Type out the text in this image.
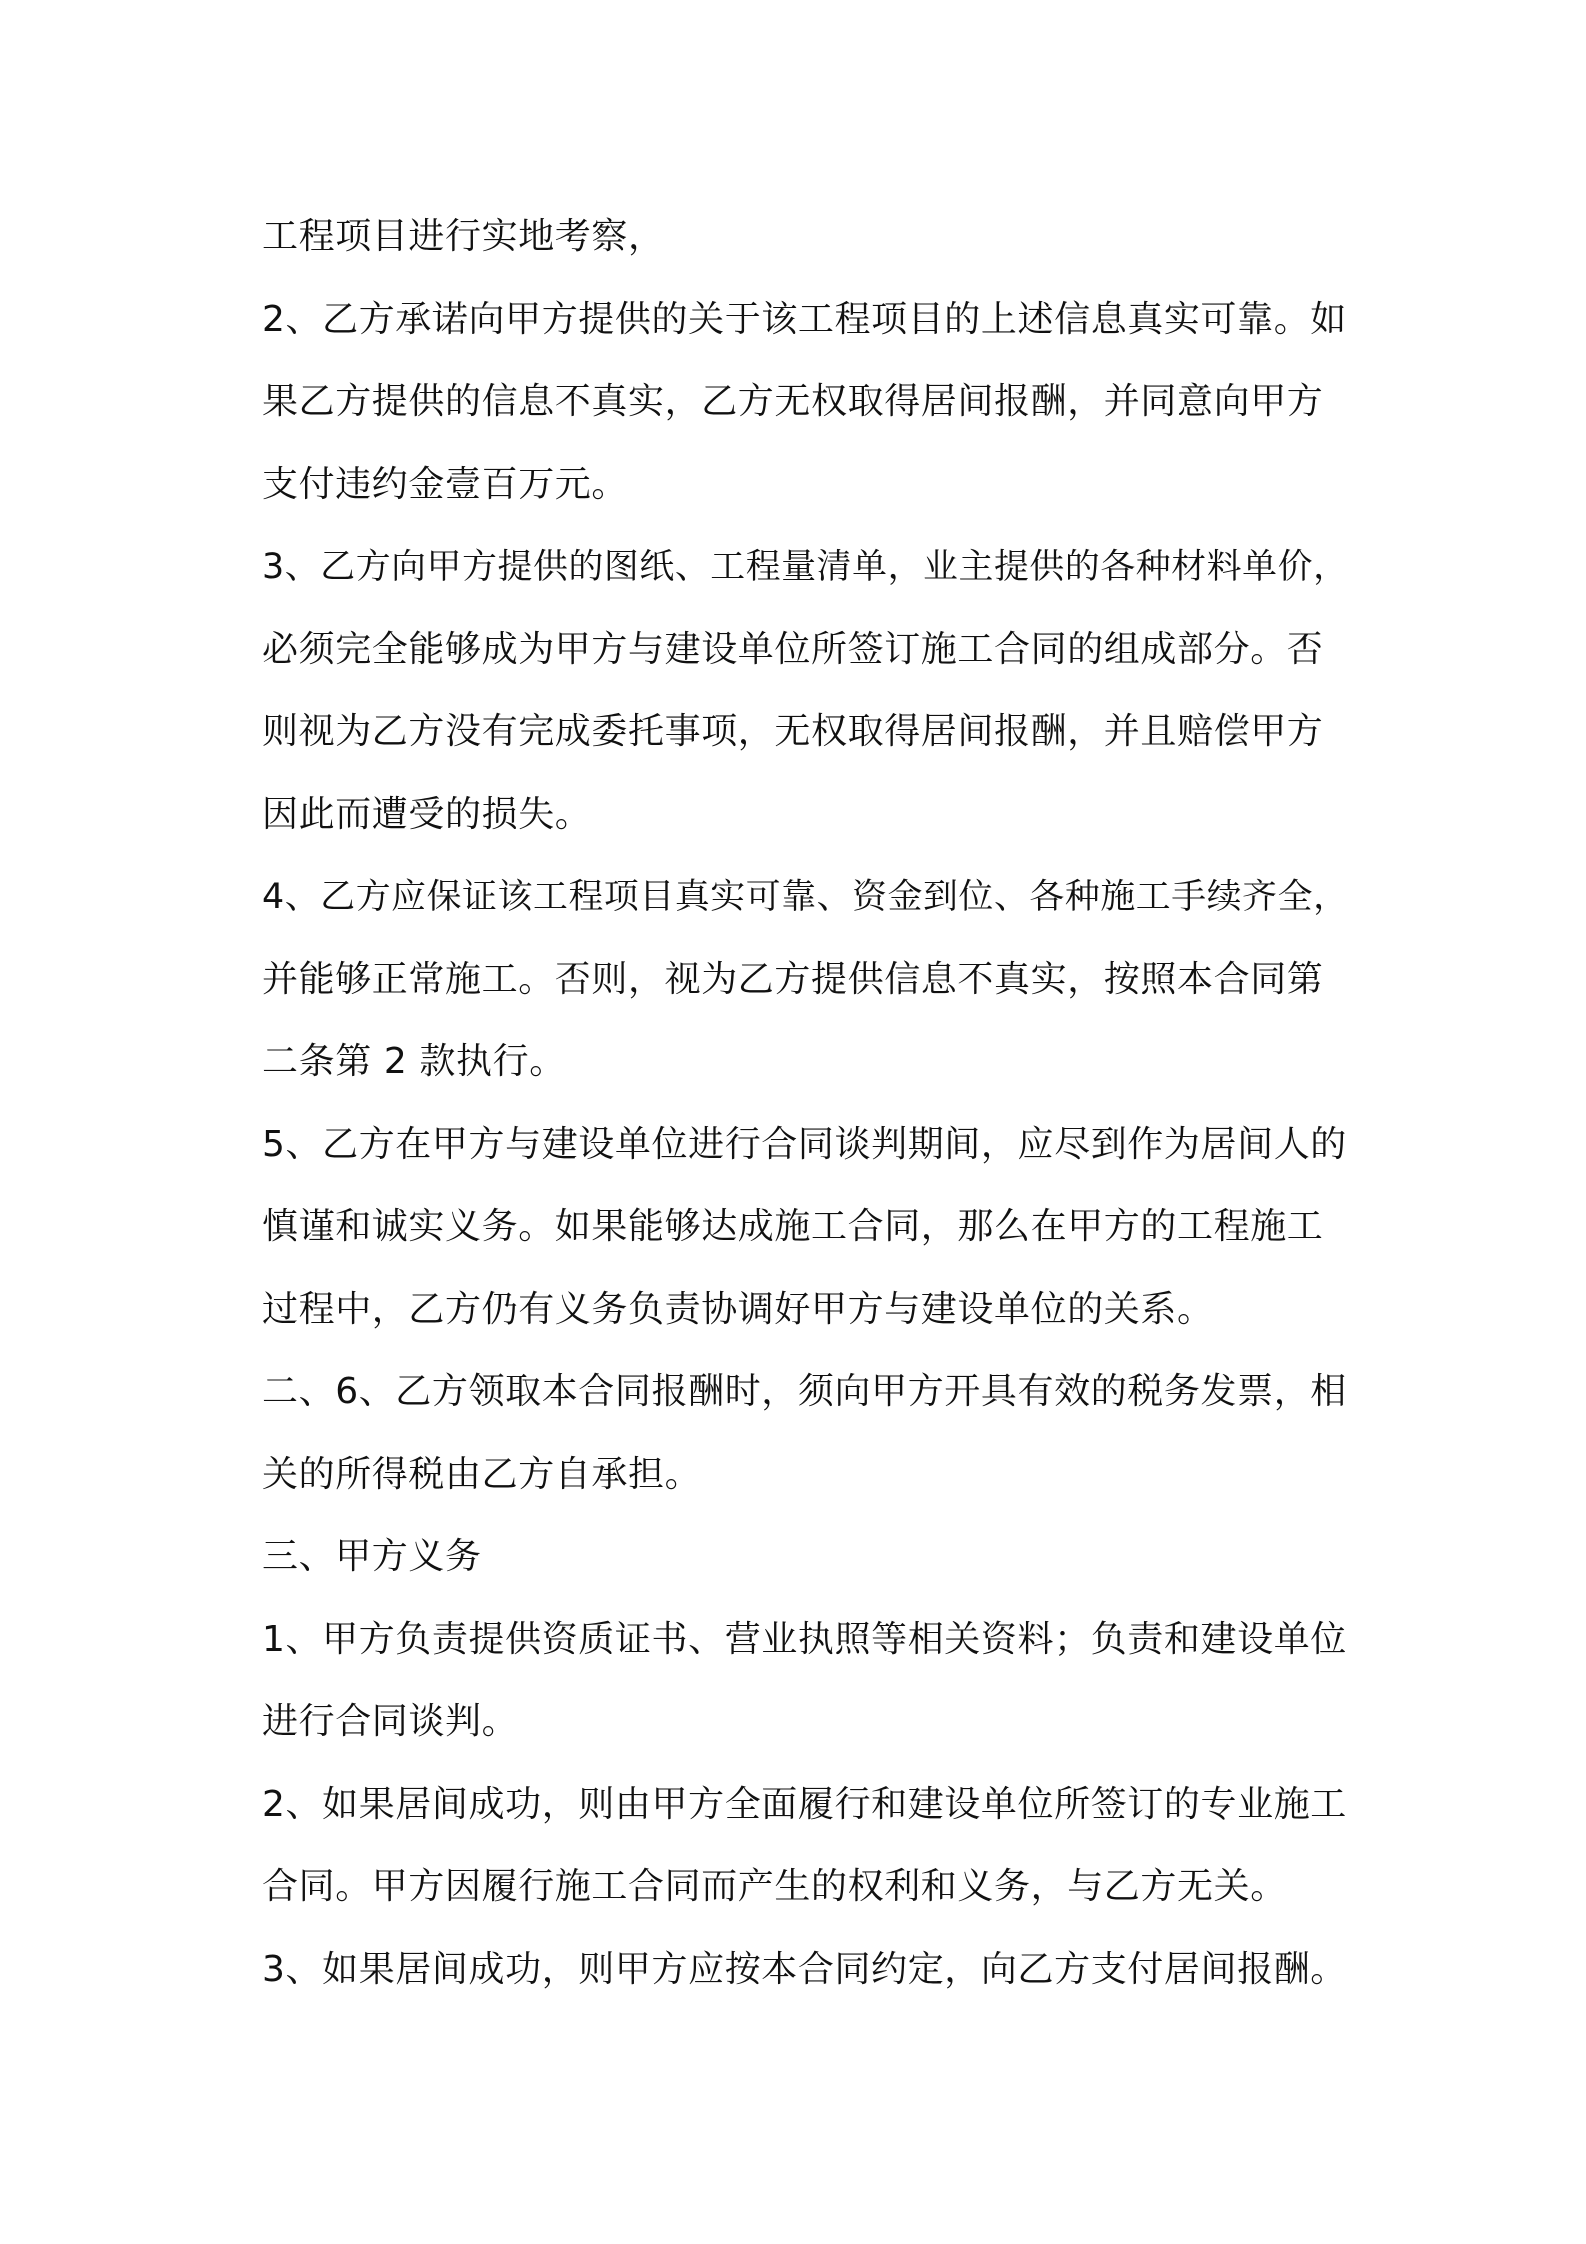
工程项目进行实地考察，
2、乙方承诺向甲方提供的关于该工程项目的上述信息真实可靠。如
果乙方提供的信息不真实，乙方无权取得居间报酬，并同意向甲方
支付违约金壹百万元。
3、乙方向甲方提供的图纸、工程量清单，业主提供的各种材料单价，
必须完全能够成为甲方与建设单位所签订施工合同的组成部分。否
则视为乙方没有完成委托事项，无权取得居间报酬，并且赔偿甲方
因此而遭受的损失。
4、乙方应保证该工程项目真实可靠、资金到位、各种施工手续齐全，
并能够正常施工。否则，视为乙方提供信息不真实，按照本合同第
二条第 2 款执行。
5、乙方在甲方与建设单位进行合同谈判期间，应尽到作为居间人的
慎谨和诚实义务。如果能够达成施工合同，那么在甲方的工程施工
过程中，乙方仍有义务负责协调好甲方与建设单位的关系。
二、6、乙方领取本合同报酬时，须向甲方开具有效的税务发票，相
关的所得税由乙方自承担。
三、甲方义务
1、甲方负责提供资质证书、营业执照等相关资料；负责和建设单位
进行合同谈判。
2、如果居间成功，则由甲方全面履行和建设单位所签订的专业施工
合同。甲方因履行施工合同而产生的权利和义务，与乙方无关。
3、如果居间成功，则甲方应按本合同约定，向乙方支付居间报酬。
